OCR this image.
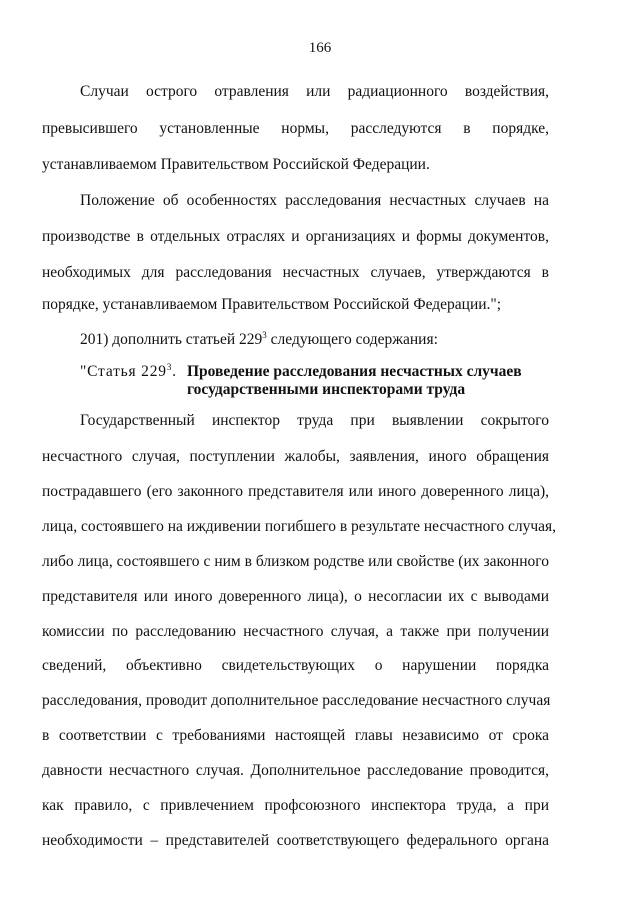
166
Случаи острого отравления или радиационного воздействия,
превысившего установленные нормы, расследуются в порядке,
устанавливаемом Правительством Российской Федерации.
Положение об особенностях расследования несчастных случаев на
производстве в отдельных отраслях и организациях и формы документов,
необходимых для расследования несчастных случаев, утверждаются в
порядке, устанавливаемом Правительством Российской Федерации.";
201) дополнить статьей $229^3$ следующего содержания:
"Статья $229^3$. Проведение расследования несчастных случаев
государственными инспекторами труда
Государственный инспектор труда при выявлении сокрытого
несчастного случая, поступлении жалобы, заявления, иного обращения
пострадавшего (его законного представителя или иного доверенного лица),
лица, состоявшего на иждивении погибшего в результате несчастного случая,
либо лица, состоявшего с ним в близком родстве или свойстве (их законного
представителя или иного доверенного лица), о несогласии их с выводами
комиссии по расследованию несчастного случая, а также при получении
сведений, объективно свидетельствующих о нарушении порядка
расследования, проводит дополнительное расследование несчастного случая
в соответствии с требованиями настоящей главы независимо от срока
давности несчастного случая. Дополнительное расследование проводится,
как правило, с привлечением профсоюзного инспектора труда, а при
необходимости – представителей соответствующего федерального органа
